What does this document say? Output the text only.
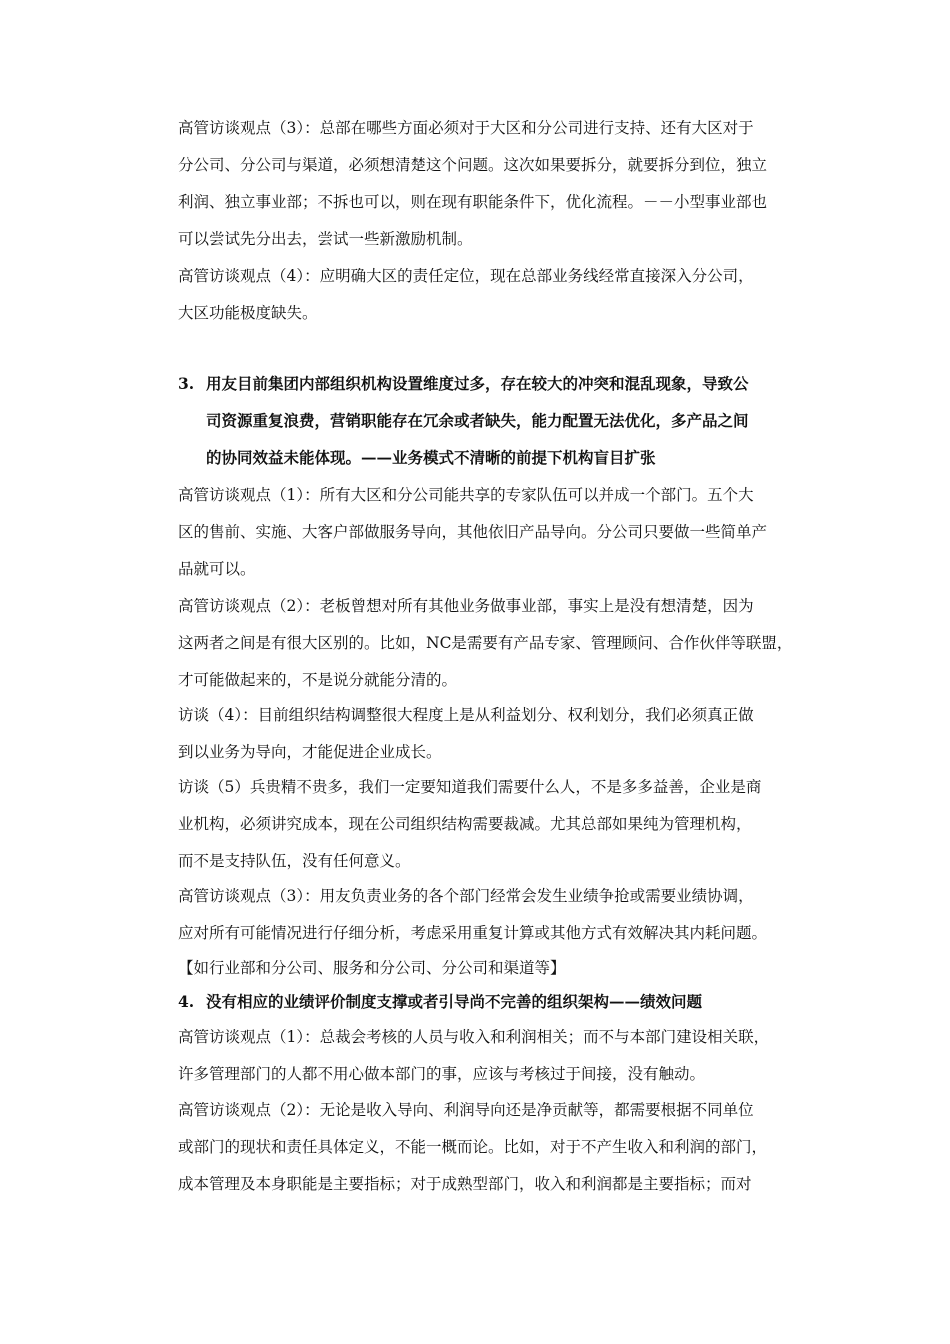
高管访谈观点（3）：总部在哪些方面必须对于大区和分公司进行支持、还有大区对于
分公司、分公司与渠道，必须想清楚这个问题。这次如果要拆分，就要拆分到位，独立
利润、独立事业部；不拆也可以，则在现有职能条件下，优化流程。－－小型事业部也
可以尝试先分出去，尝试一些新激励机制。
高管访谈观点（4）：应明确大区的责任定位，现在总部业务线经常直接深入分公司，
大区功能极度缺失。
3. 用友目前集团内部组织机构设置维度过多，存在较大的冲突和混乱现象，导致公
司资源重复浪费，营销职能存在冗余或者缺失，能力配置无法优化，多产品之间
的协同效益未能体现。——业务模式不清晰的前提下机构盲目扩张
高管访谈观点（1）：所有大区和分公司能共享的专家队伍可以并成一个部门。五个大
区的售前、实施、大客户部做服务导向，其他依旧产品导向。分公司只要做一些简单产
品就可以。
高管访谈观点（2）：老板曾想对所有其他业务做事业部，事实上是没有想清楚，因为
这两者之间是有很大区别的。比如，NC是需要有产品专家、管理顾问、合作伙伴等联盟，
才可能做起来的，不是说分就能分清的。
访谈（4）：目前组织结构调整很大程度上是从利益划分、权利划分，我们必须真正做
到以业务为导向，才能促进企业成长。
访谈（5）兵贵精不贵多，我们一定要知道我们需要什么人，不是多多益善，企业是商
业机构，必须讲究成本，现在公司组织结构需要裁减。尤其总部如果纯为管理机构，
而不是支持队伍，没有任何意义。
高管访谈观点（3）：用友负责业务的各个部门经常会发生业绩争抢或需要业绩协调，
应对所有可能情况进行仔细分析，考虑采用重复计算或其他方式有效解决其内耗问题。
【如行业部和分公司、服务和分公司、分公司和渠道等】
4. 没有相应的业绩评价制度支撑或者引导尚不完善的组织架构——绩效问题
高管访谈观点（1）：总裁会考核的人员与收入和利润相关；而不与本部门建设相关联，
许多管理部门的人都不用心做本部门的事，应该与考核过于间接，没有触动。
高管访谈观点（2）：无论是收入导向、利润导向还是净贡献等，都需要根据不同单位
或部门的现状和责任具体定义，不能一概而论。比如，对于不产生收入和利润的部门，
成本管理及本身职能是主要指标；对于成熟型部门，收入和利润都是主要指标；而对
